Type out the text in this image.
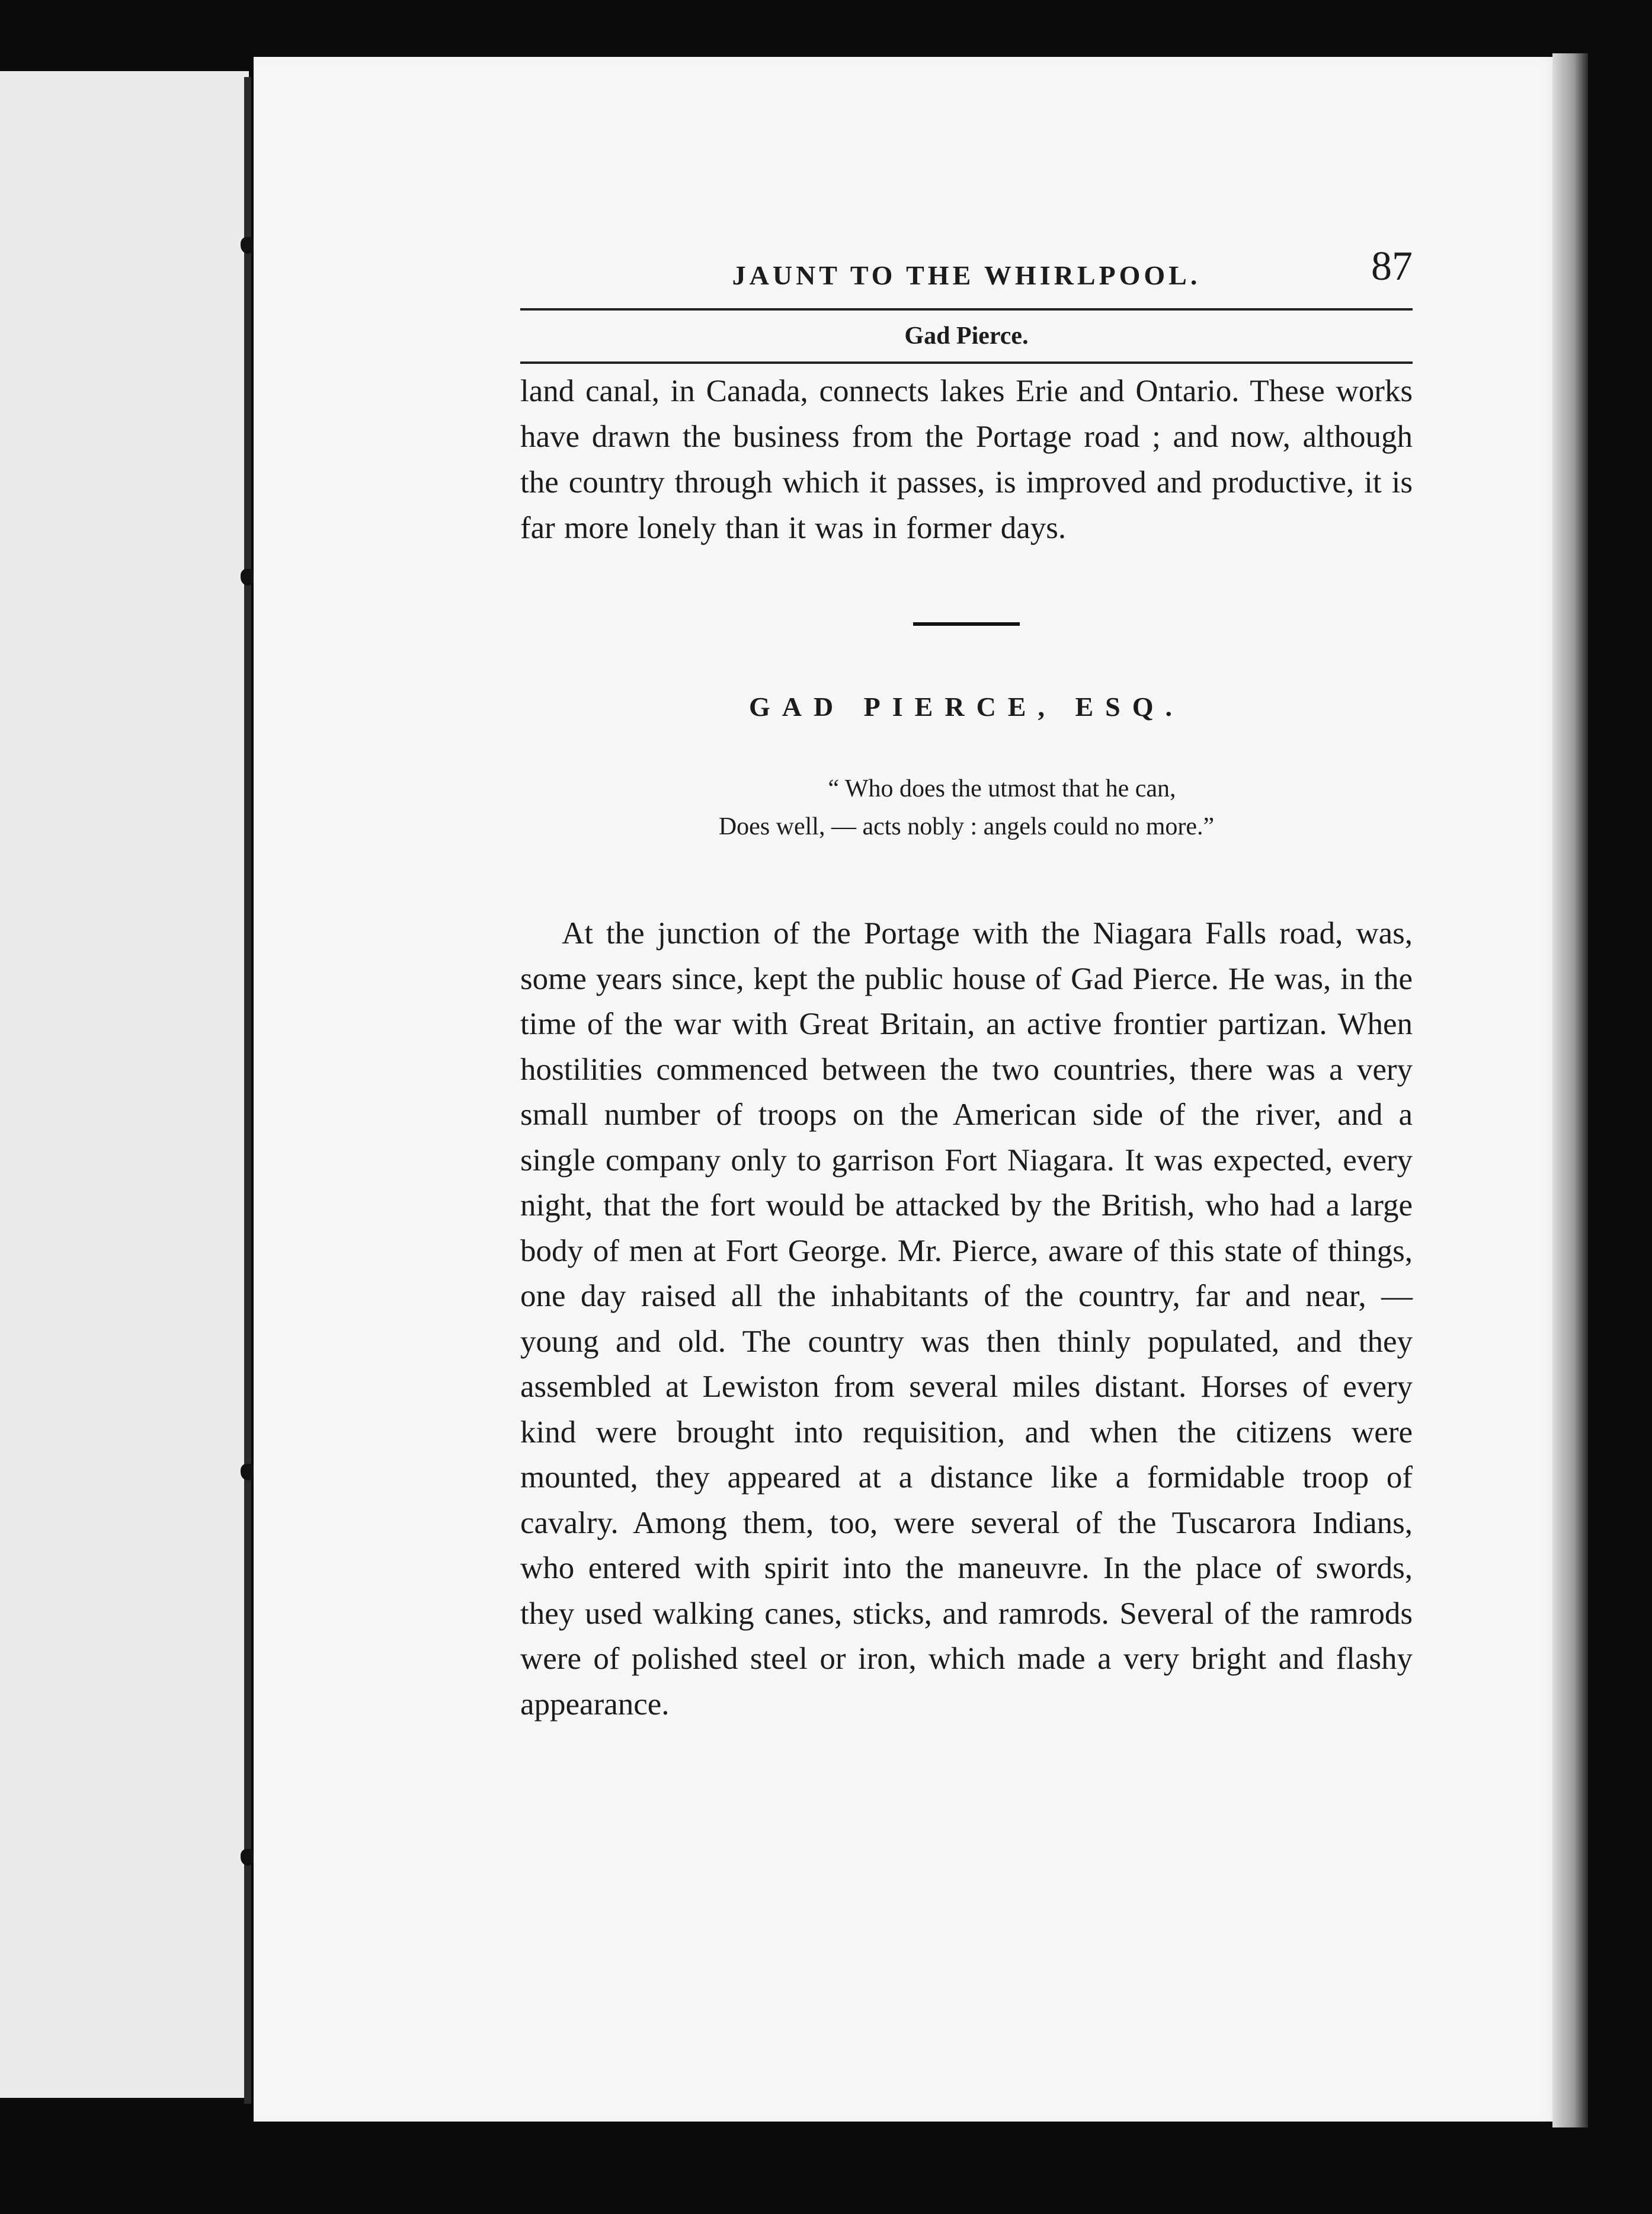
JAUNT TO THE WHIRLPOOL.	87
Gad Pierce.

land canal, in Canada, connects lakes Erie and Ontario. These works have drawn the business from the Portage road ; and now, although the country through which it passes, is improved and productive, it is far more lonely than it was in former days.

GAD PIERCE, ESQ.
“ Who does the utmost that he can,
Does well, — acts nobly : angels could no more.”

At the junction of the Portage with the Niagara Falls road, was, some years since, kept the public house of Gad Pierce. He was, in the time of the war with Great Britain, an active frontier partizan. When hostilities commenced between the two countries, there was a very small number of troops on the American side of the river, and a single company only to garrison Fort Niagara. It was expected, every night, that the fort would be attacked by the British, who had a large body of men at Fort George. Mr. Pierce, aware of this state of things, one day raised all the inhabitants of the country, far and near, — young and old. The country was then thinly populated, and they assembled at Lewiston from several miles distant. Horses of every kind were brought into requisition, and when the citizens were mounted, they appeared at a distance like a formidable troop of cavalry. Among them, too, were several of the Tuscarora Indians, who entered with spirit into the maneuvre. In the place of swords, they used walking canes, sticks, and ramrods. Several of the ramrods were of polished steel or iron, which made a very bright and flashy appearance.
